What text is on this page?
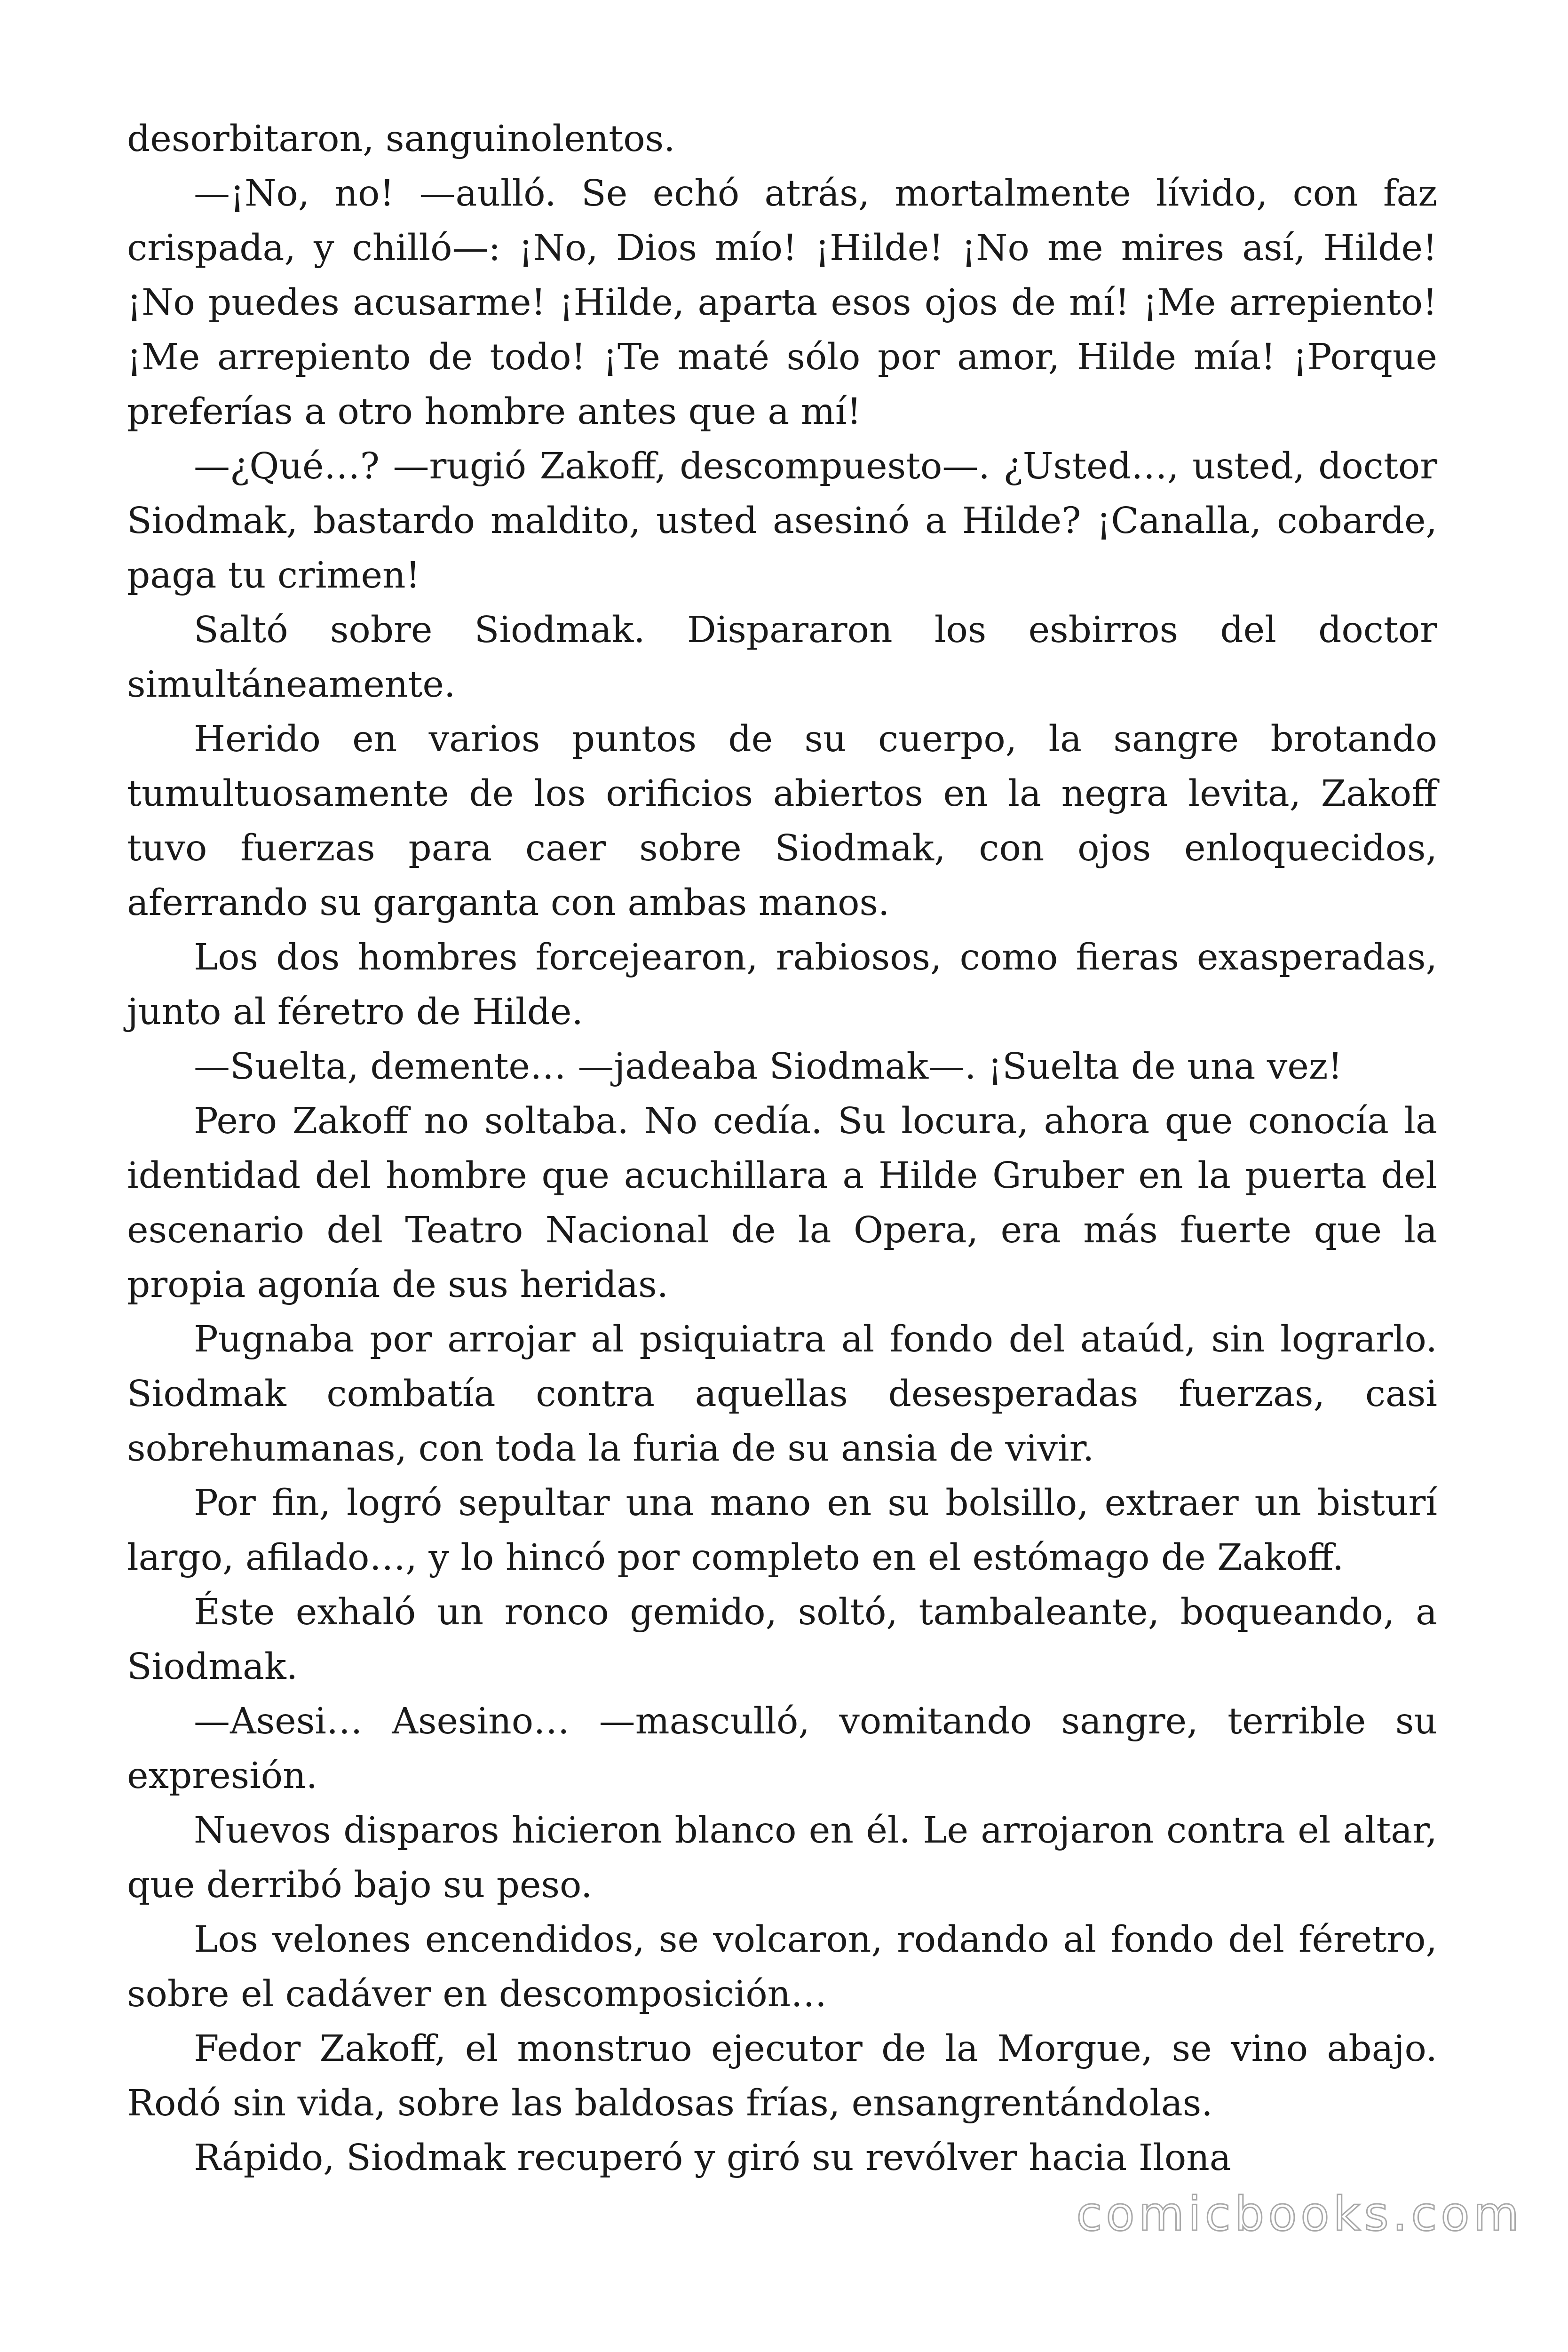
desorbitaron, sanguinolentos.

—¡No, no! —aulló. Se echó atrás, mortalmente lívido, con faz crispada, y chilló—: ¡No, Dios mío! ¡Hilde! ¡No me mires así, Hilde! ¡No puedes acusarme! ¡Hilde, aparta esos ojos de mí! ¡Me arrepiento! ¡Me arrepiento de todo! ¡Te maté sólo por amor, Hilde mía! ¡Porque preferías a otro hombre antes que a mí!

—¿Qué…? —rugió Zakoff, descompuesto—. ¿Usted…, usted, doctor Siodmak, bastardo maldito, usted asesinó a Hilde? ¡Canalla, cobarde, paga tu crimen!

Saltó sobre Siodmak. Dispararon los esbirros del doctor simultáneamente.

Herido en varios puntos de su cuerpo, la sangre brotando tumultuosamente de los orificios abiertos en la negra levita, Zakoff tuvo fuerzas para caer sobre Siodmak, con ojos enloquecidos, aferrando su garganta con ambas manos.

Los dos hombres forcejearon, rabiosos, como fieras exasperadas, junto al féretro de Hilde.

—Suelta, demente… —jadeaba Siodmak—. ¡Suelta de una vez!

Pero Zakoff no soltaba. No cedía. Su locura, ahora que conocía la identidad del hombre que acuchillara a Hilde Gruber en la puerta del escenario del Teatro Nacional de la Opera, era más fuerte que la propia agonía de sus heridas.

Pugnaba por arrojar al psiquiatra al fondo del ataúd, sin lograrlo. Siodmak combatía contra aquellas desesperadas fuerzas, casi sobrehumanas, con toda la furia de su ansia de vivir.

Por fin, logró sepultar una mano en su bolsillo, extraer un bisturí largo, afilado…, y lo hincó por completo en el estómago de Zakoff.

Éste exhaló un ronco gemido, soltó, tambaleante, boqueando, a Siodmak.

—Asesi… Asesino… —masculló, vomitando sangre, terrible su expresión.

Nuevos disparos hicieron blanco en él. Le arrojaron contra el altar, que derribó bajo su peso.

Los velones encendidos, se volcaron, rodando al fondo del féretro, sobre el cadáver en descomposición…

Fedor Zakoff, el monstruo ejecutor de la Morgue, se vino abajo. Rodó sin vida, sobre las baldosas frías, ensangrentándolas.

Rápido, Siodmak recuperó y giró su revólver hacia Ilona

comicbooks.com
